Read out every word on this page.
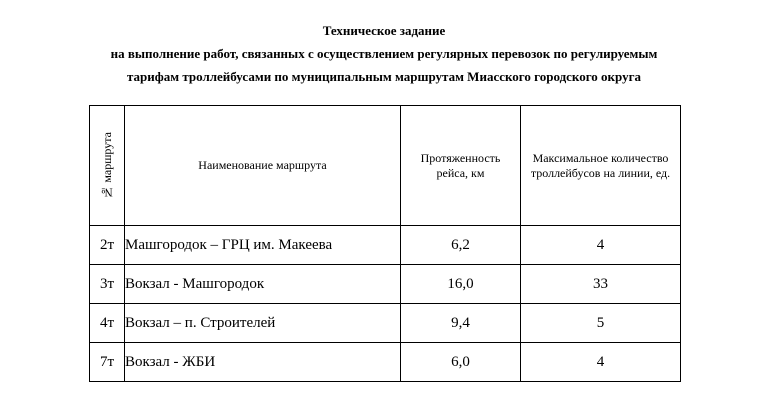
Техническое задание
на выполнение работ, связанных с осуществлением регулярных перевозок по регулируемым
тарифам троллейбусами по муниципальным маршрутам Миасского городского округа
№ маршрута	Наименование маршрута	Протяженность рейса, км	Максимальное количество троллейбусов на линии, ед.

2т	Машгородок – ГРЦ им. Макеева	6,2	4
3т	Вокзал - Машгородок	16,0	33
4т	Вокзал – п. Строителей	9,4	5
7т	Вокзал - ЖБИ	6,0	4
